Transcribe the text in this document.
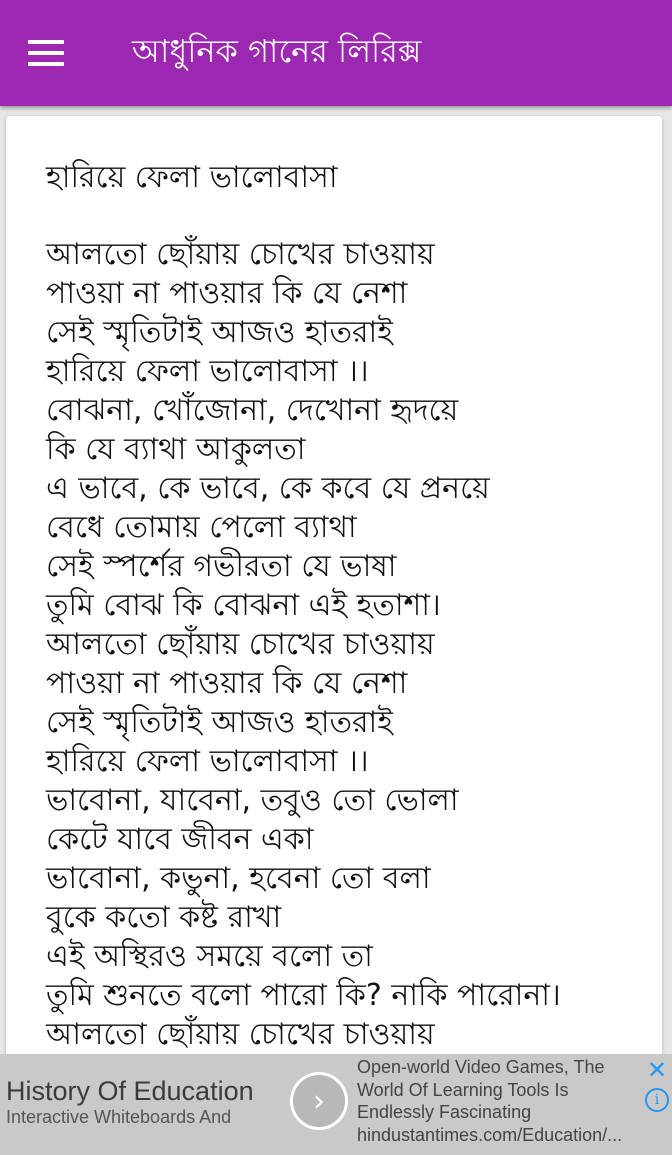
আধুনিক গানের লিরিক্স
হারিয়ে ফেলা ভালোবাসা
আলতো ছোঁয়ায় চোখের চাওয়ায়
পাওয়া না পাওয়ার কি যে নেশা
সেই স্মৃতিটাই আজও হাতরাই
হারিয়ে ফেলা ভালোবাসা ।।
বোঝনা, খোঁজোনা, দেখোনা হৃদয়ে
কি যে ব্যাথা আকুলতা
এ ভাবে, কে ভাবে, কে কবে যে প্রনয়ে
বেধে তোমায় পেলো ব্যাথা
সেই স্পর্শের গভীরতা যে ভাষা
তুমি বোঝ কি বোঝনা এই হতাশা।
আলতো ছোঁয়ায় চোখের চাওয়ায়
পাওয়া না পাওয়ার কি যে নেশা
সেই স্মৃতিটাই আজও হাতরাই
হারিয়ে ফেলা ভালোবাসা ।।
ভাবোনা, যাবেনা, তবুও তো ভোলা
কেটে যাবে জীবন একা
ভাবোনা, কভুনা, হবেনা তো বলা
বুকে কতো কষ্ট রাখা
এই অস্থিরও সময়ে বলো তা
তুমি শুনতে বলো পারো কি? নাকি পারোনা।
আলতো ছোঁয়ায় চোখের চাওয়ায়
History Of Education
Interactive Whiteboards And	›
Open-world Video Games, The
World Of Learning Tools Is
Endlessly Fascinating
hindustantimes.com/Education/...
✕
i
